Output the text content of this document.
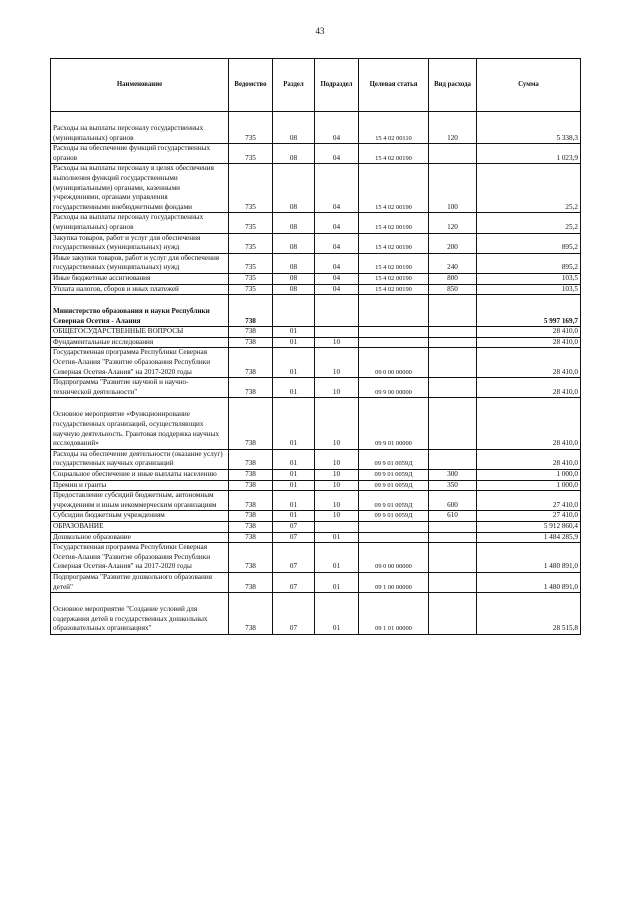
43
Наименование	Ведомство	Раздел	Подраздел	Целевая статья	Вид расхода	Сумма
Расходы на выплаты персоналу государственных (муниципальных) органов	735	08	04	15 4 02 00110	120	5 338,3
Расходы на обеспечение функций государственных органов	735	08	04	15 4 02 00190		1 023,9
Расходы на выплаты персоналу в целях обеспечения выполнения функций государственными (муниципальными) органами, казенными учреждениями, органами управления государственными внебюджетными фондами	735	08	04	15 4 02 00190	100	25,2
Расходы на выплаты персоналу государственных (муниципальных) органов	735	08	04	15 4 02 00190	120	25,2
Закупка товаров, работ и услуг для обеспечения государственных (муниципальных) нужд	735	08	04	15 4 02 00190	200	895,2
Иные закупки товаров, работ и услуг для обеспечения государственных (муниципальных) нужд	735	08	04	15 4 02 00190	240	895,2
Иные бюджетные ассигнования	735	08	04	15 4 02 00190	800	103,5
Уплата налогов, сборов и иных платежей	735	08	04	15 4 02 00190	850	103,5
Министерство образования и науки Республики Северная Осетия - Алания	738					5 997 169,7
ОБЩЕГОСУДАРСТВЕННЫЕ ВОПРОСЫ	738	01				28 410,0
Фундаментальные исследования	738	01	10			28 410,0
Государственная программа Республики Северная Осетия-Алания "Развитие образования Республики Северная Осетия-Алания" на 2017-2020 годы	738	01	10	09 0 00 00000		28 410,0
Подпрограмма "Развитие научной и научно-технической деятельности"	738	01	10	09 9 00 00000		28 410,0
Основное мероприятие «Функционирование государственных организаций, осуществляющих научную деятельность. Грантовая поддержка научных исследований»	738	01	10	09 9 01 00000		28 410,0
Расходы на обеспечение деятельности (оказание услуг) государственных научных организаций	738	01	10	09 9 01 0059Д		28 410,0
Социальное обеспечение и иные выплаты населению	738	01	10	09 9 01 0059Д	300	1 000,0
Премии и гранты	738	01	10	09 9 01 0059Д	350	1 000,0
Предоставление субсидий бюджетным, автономным учреждениям и иным некоммерческим организациям	738	01	10	09 9 01 0059Д	600	27 410,0
Субсидии бюджетным учреждениям	738	01	10	09 9 01 0059Д	610	27 410,0
ОБРАЗОВАНИЕ	738	07				5 912 860,4
Дошкольное образование	738	07	01			1 484 285,9
Государственная программа Республики Северная Осетия-Алания "Развитие образования Республики Северная Осетия-Алания" на 2017-2020 годы	738	07	01	09 0 00 00000		1 480 891,0
Подпрограмма "Развитие дошкольного образования детей"	738	07	01	09 1 00 00000		1 480 891,0
Основное мероприятие "Создание условий для содержания детей в государственных дошкольных образовательных организациях"	738	07	01	09 1 01 00000		28 515,8
